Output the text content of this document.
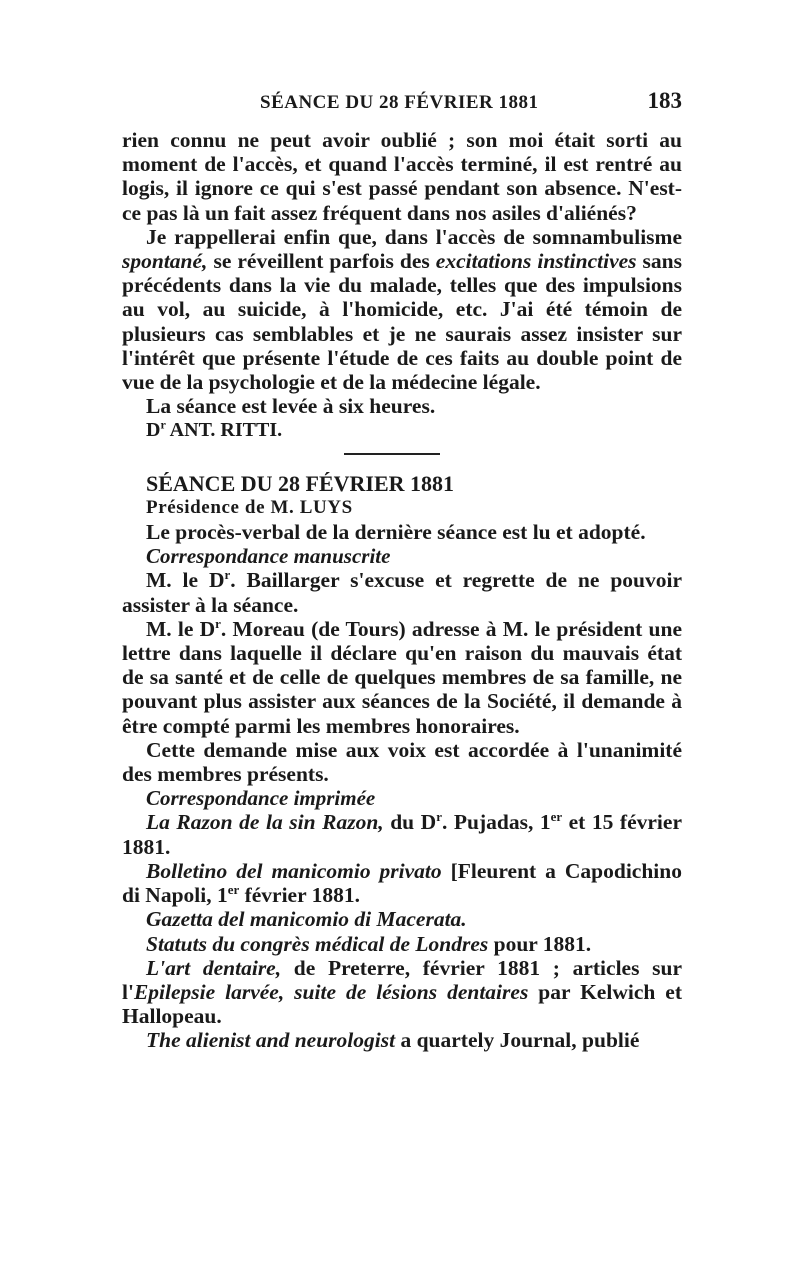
SÉANCE DU 28 FÉVRIER 1881	183

rien connu ne peut avoir oublié ; son moi était sorti au moment de l'accès, et quand l'accès terminé, il est rentré au logis, il ignore ce qui s'est passé pendant son absence. N'est-ce pas là un fait assez fréquent dans nos asiles d'aliénés?

Je rappellerai enfin que, dans l'accès de somnambulisme spontané, se réveillent parfois des excitations instinctives sans précédents dans la vie du malade, telles que des impulsions au vol, au suicide, à l'homicide, etc. J'ai été témoin de plusieurs cas semblables et je ne saurais assez insister sur l'intérêt que présente l'étude de ces faits au double point de vue de la psychologie et de la médecine légale.

La séance est levée à six heures.

$D^r$ ANT. RITTI.

SÉANCE DU 28 FÉVRIER 1881

Présidence de M. LUYS

Le procès-verbal de la dernière séance est lu et adopté.

Correspondance manuscrite

M. le $D^r$. Baillarger s'excuse et regrette de ne pouvoir assister à la séance.

M. le $D^r$. Moreau (de Tours) adresse à M. le président une lettre dans laquelle il déclare qu'en raison du mauvais état de sa santé et de celle de quelques membres de sa famille, ne pouvant plus assister aux séances de la Société, il demande à être compté parmi les membres honoraires.

Cette demande mise aux voix est accordée à l'unanimité des membres présents.

Correspondance imprimée

La Razon de la sin Razon, du $D^r$. Pujadas, 1er et 15 février 1881.

Bolletino del manicomio privato [Fleurent a Capodichino di Napoli, 1er février 1881.

Gazetta del manicomio di Macerata.

Statuts du congrès médical de Londres pour 1881.

L'art dentaire, de Preterre, février 1881 ; articles sur l'Epilepsie larvée, suite de lésions dentaires par Kelwich et Hallopeau.

The alienist and neurologist a quartely Journal, publié
